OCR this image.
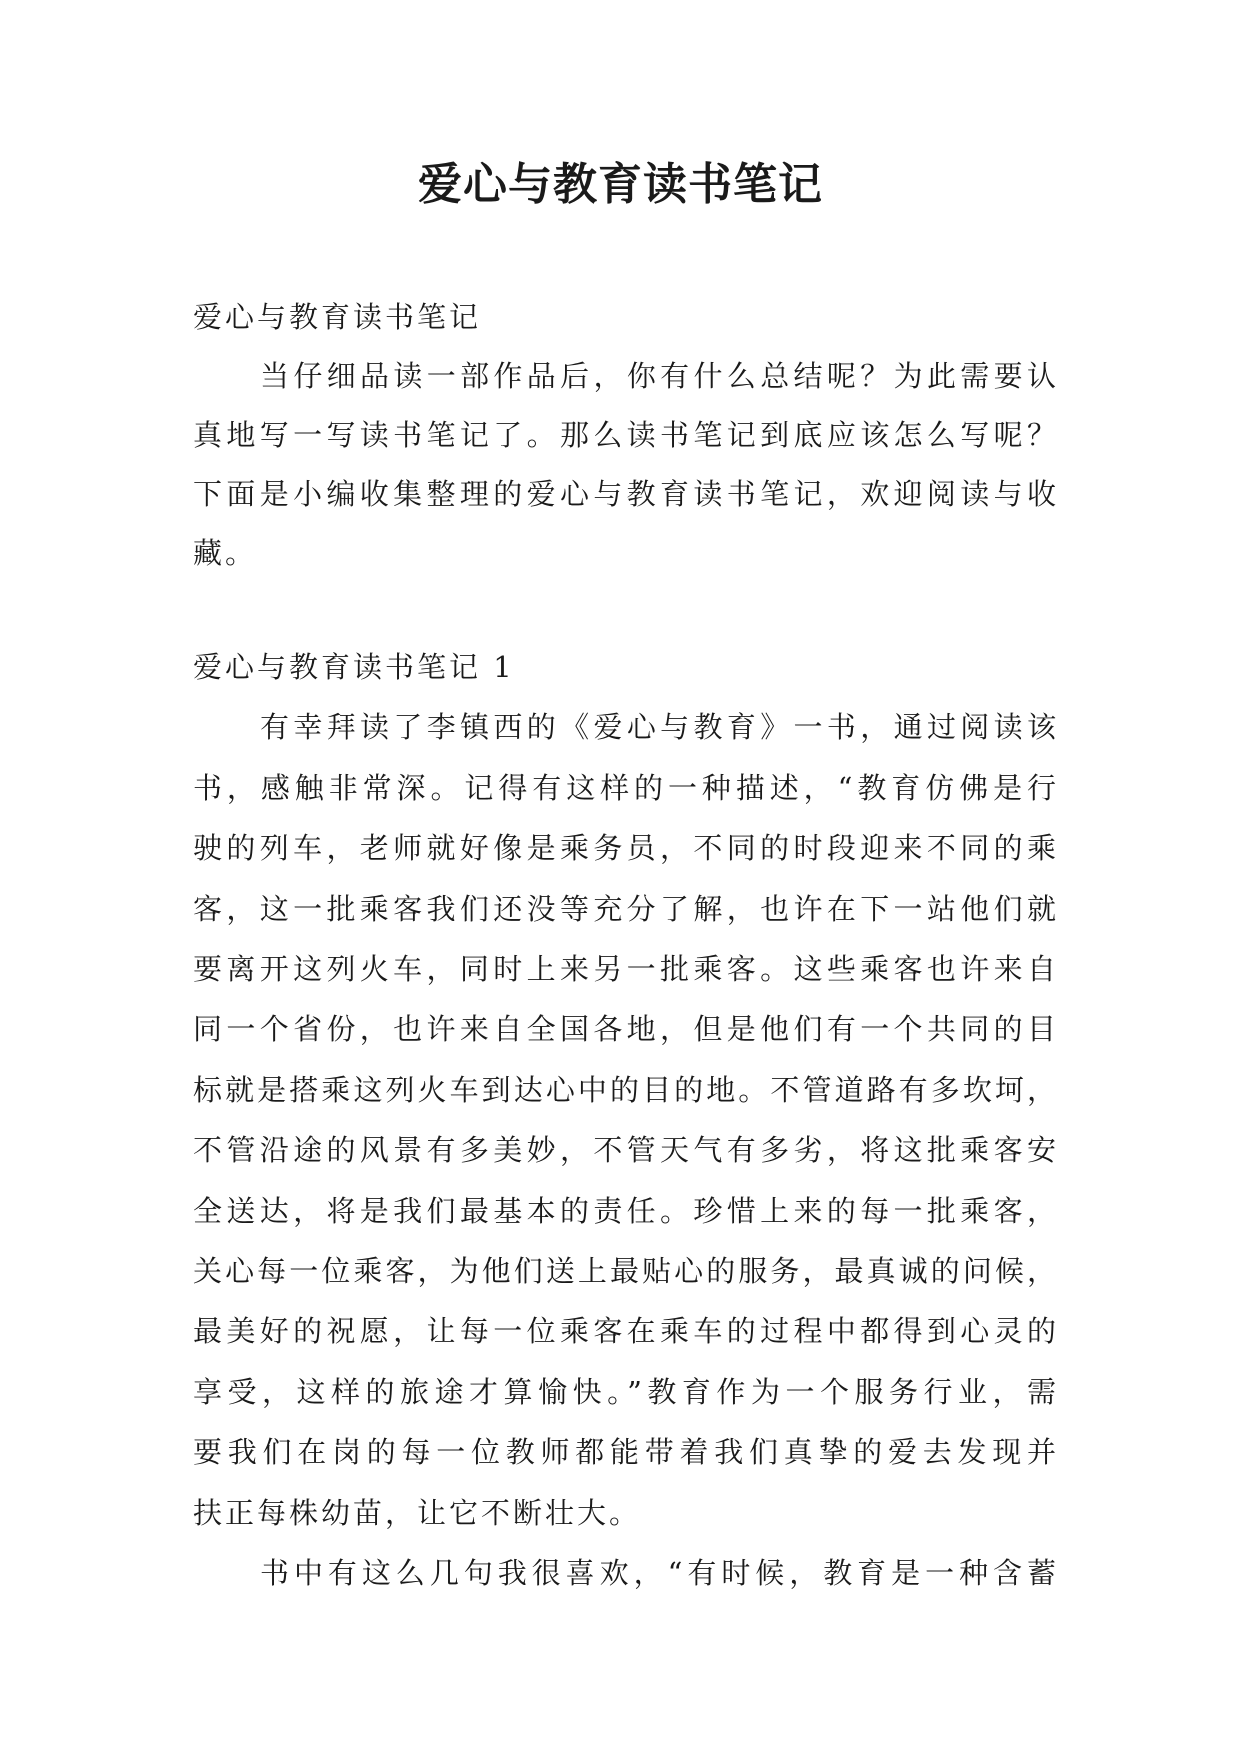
爱心与教育读书笔记
爱心与教育读书笔记
当仔细品读一部作品后，你有什么总结呢？为此需要认
真地写一写读书笔记了。那么读书笔记到底应该怎么写呢？
下面是小编收集整理的爱心与教育读书笔记，欢迎阅读与收
藏。
爱心与教育读书笔记 1
有幸拜读了李镇西的《爱心与教育》一书，通过阅读该
书，感触非常深。记得有这样的一种描述，“教育仿佛是行
驶的列车，老师就好像是乘务员，不同的时段迎来不同的乘
客，这一批乘客我们还没等充分了解，也许在下一站他们就
要离开这列火车，同时上来另一批乘客。这些乘客也许来自
同一个省份，也许来自全国各地，但是他们有一个共同的目
标就是搭乘这列火车到达心中的目的地。不管道路有多坎坷，
不管沿途的风景有多美妙，不管天气有多劣，将这批乘客安
全送达，将是我们最基本的责任。珍惜上来的每一批乘客，
关心每一位乘客，为他们送上最贴心的服务，最真诚的问候，
最美好的祝愿，让每一位乘客在乘车的过程中都得到心灵的
享受，这样的旅途才算愉快。”教育作为一个服务行业，需
要我们在岗的每一位教师都能带着我们真挚的爱去发现并
扶正每株幼苗，让它不断壮大。
书中有这么几句我很喜欢，“有时候，教育是一种含蓄
